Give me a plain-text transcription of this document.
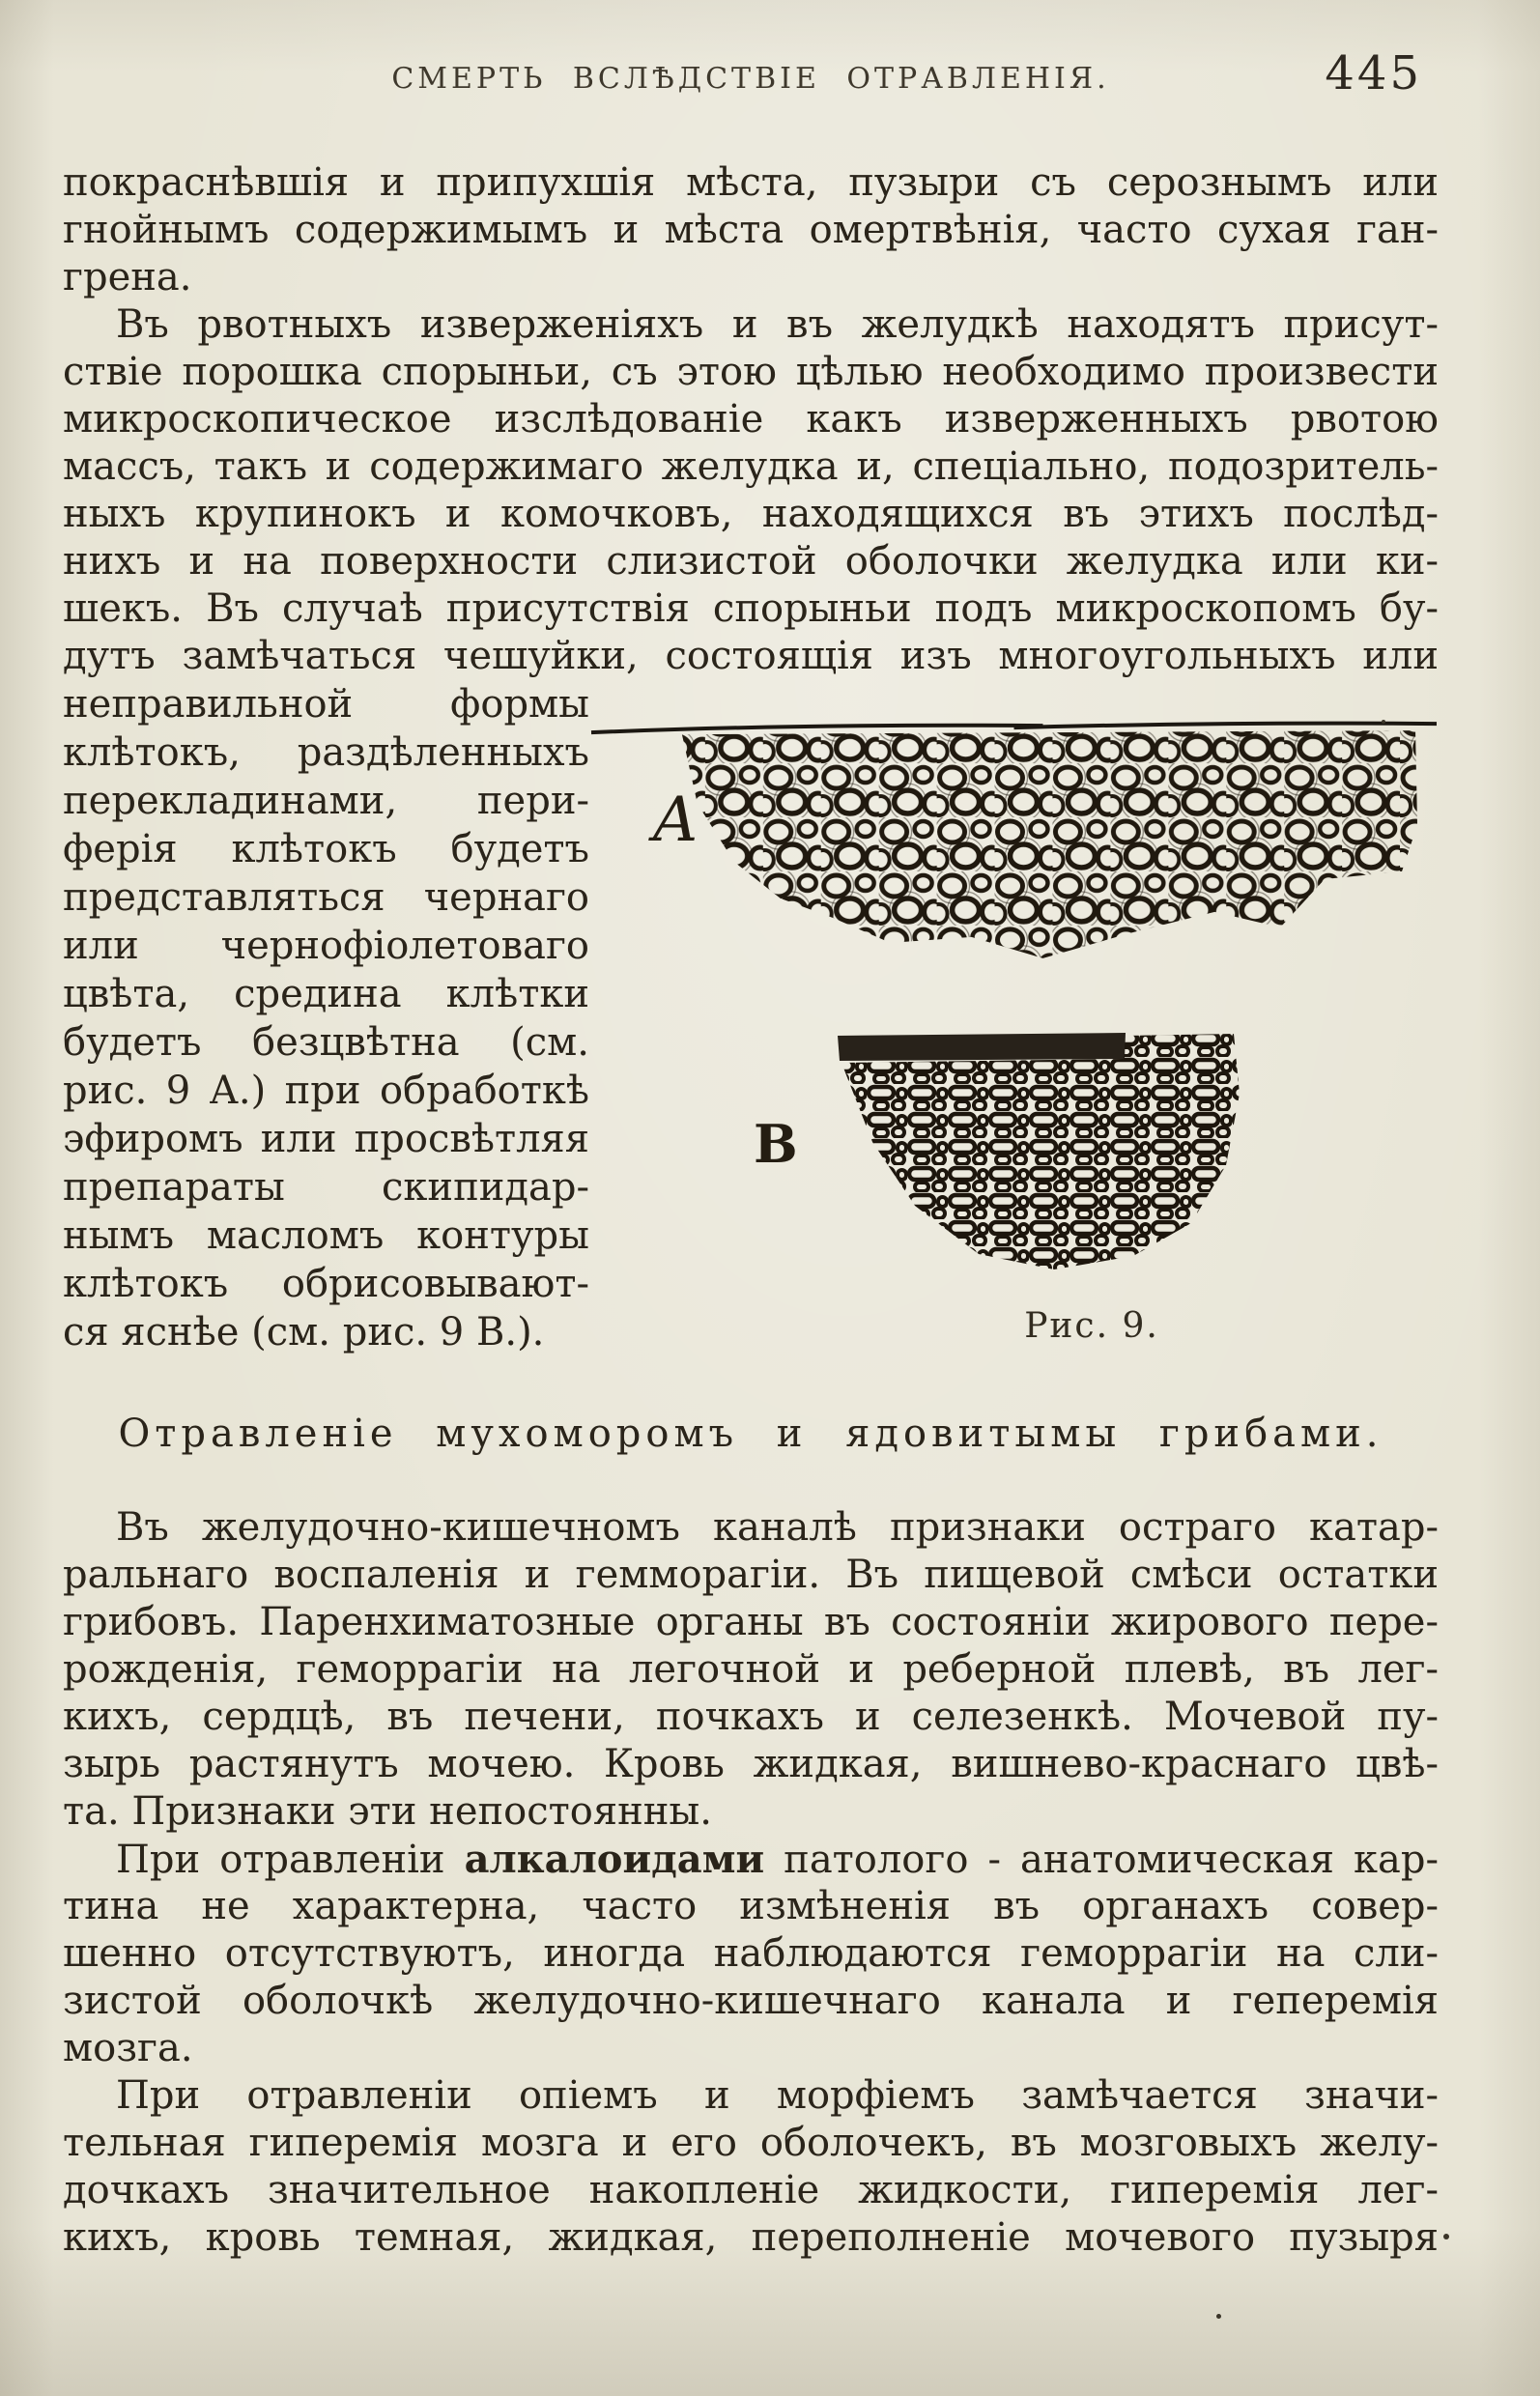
СМЕРТЬ ВСЛѢДСТВІЕ ОТРАВЛЕНІЯ.	445
покраснѣвшія и припухшія мѣста, пузыри съ серознымъ или
гнойнымъ содержимымъ и мѣста омертвѣнія, часто сухая ган-
грена.
Въ рвотныхъ изверженіяхъ и въ желудкѣ находятъ присут-
ствіе порошка спорыньи, съ этою цѣлью необходимо произвести
микроскопическое изслѣдованіе какъ изверженныхъ рвотою
массъ, такъ и содержимаго желудка и, спеціально, подозритель-
ныхъ крупинокъ и комочковъ, находящихся въ этихъ послѣд-
нихъ и на поверхности слизистой оболочки желудка или ки-
шекъ. Въ случаѣ присутствія спорыньи подъ микроскопомъ бу-
дутъ замѣчаться чешуйки, состоящія изъ многоугольныхъ или
неправильной формы
клѣтокъ, раздѣленныхъ
перекладинами, пери-
ферія клѣтокъ будетъ
представляться чернаго
или чернофіолетоваго
цвѣта, средина клѣтки
будетъ безцвѣтна (см.
рис. 9 А.) при обработкѣ
эфиромъ или просвѣтляя
препараты скипидар-
нымъ масломъ контуры
клѣтокъ обрисовывают-
ся яснѣе (см. рис. 9 В.).
A
B
Рис. 9.
Отравленіе мухоморомъ и ядовитымы грибами.
Въ желудочно-кишечномъ каналѣ признаки остраго катар-
ральнаго воспаленія и гемморагіи. Въ пищевой смѣси остатки
грибовъ. Паренхиматозные органы въ состояніи жирового пере-
рожденія, геморрагіи на легочной и реберной плевѣ, въ лег-
кихъ, сердцѣ, въ печени, почкахъ и селезенкѣ. Мочевой пу-
зырь растянутъ мочею. Кровь жидкая, вишнево-краснаго цвѣ-
та. Признаки эти непостоянны.
При отравленіи алкалоидами патолого - анатомическая кар-
тина не характерна, часто измѣненія въ органахъ совер-
шенно отсутствуютъ, иногда наблюдаются геморрагіи на сли-
зистой оболочкѣ желудочно-кишечнаго канала и геперемія
мозга.
При отравленіи опіемъ и морфіемъ замѣчается значи-
тельная гиперемія мозга и его оболочекъ, въ мозговыхъ желу-
дочкахъ значительное накопленіе жидкости, гиперемія лег-
кихъ, кровь темная, жидкая, переполненіе мочевого пузыря
